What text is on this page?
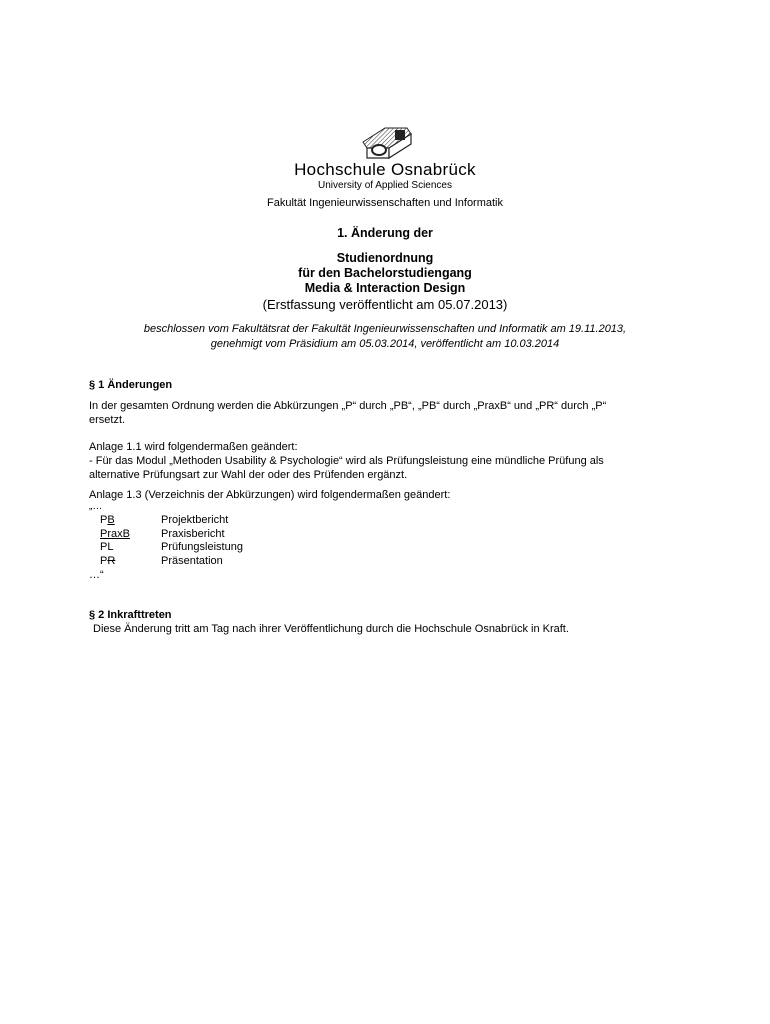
Hochschule Osnabrück
University of Applied Sciences
Fakultät Ingenieurwissenschaften und Informatik
1. Änderung der
Studienordnung
für den Bachelorstudiengang
Media & Interaction Design
(Erstfassung veröffentlicht am 05.07.2013)
beschlossen vom Fakultätsrat der Fakultät Ingenieurwissenschaften und Informatik am 19.11.2013,
genehmigt vom Präsidium am 05.03.2014, veröffentlicht am 10.03.2014
§ 1 Änderungen
In der gesamten Ordnung werden die Abkürzungen „P“ durch „PB“, „PB“ durch „PraxB“ und „PR“ durch „P“
ersetzt.
Anlage 1.1 wird folgendermaßen geändert:
- Für das Modul „Methoden Usability & Psychologie“ wird als Prüfungsleistung eine mündliche Prüfung als
alternative Prüfungsart zur Wahl der oder des Prüfenden ergänzt.
Anlage 1.3 (Verzeichnis der Abkürzungen) wird folgendermaßen geändert:
„…
PB	Projektbericht
PraxB	Praxisbericht
PL	Prüfungsleistung
PR	Präsentation
…“
§ 2 Inkrafttreten
Diese Änderung tritt am Tag nach ihrer Veröffentlichung durch die Hochschule Osnabrück in Kraft.
